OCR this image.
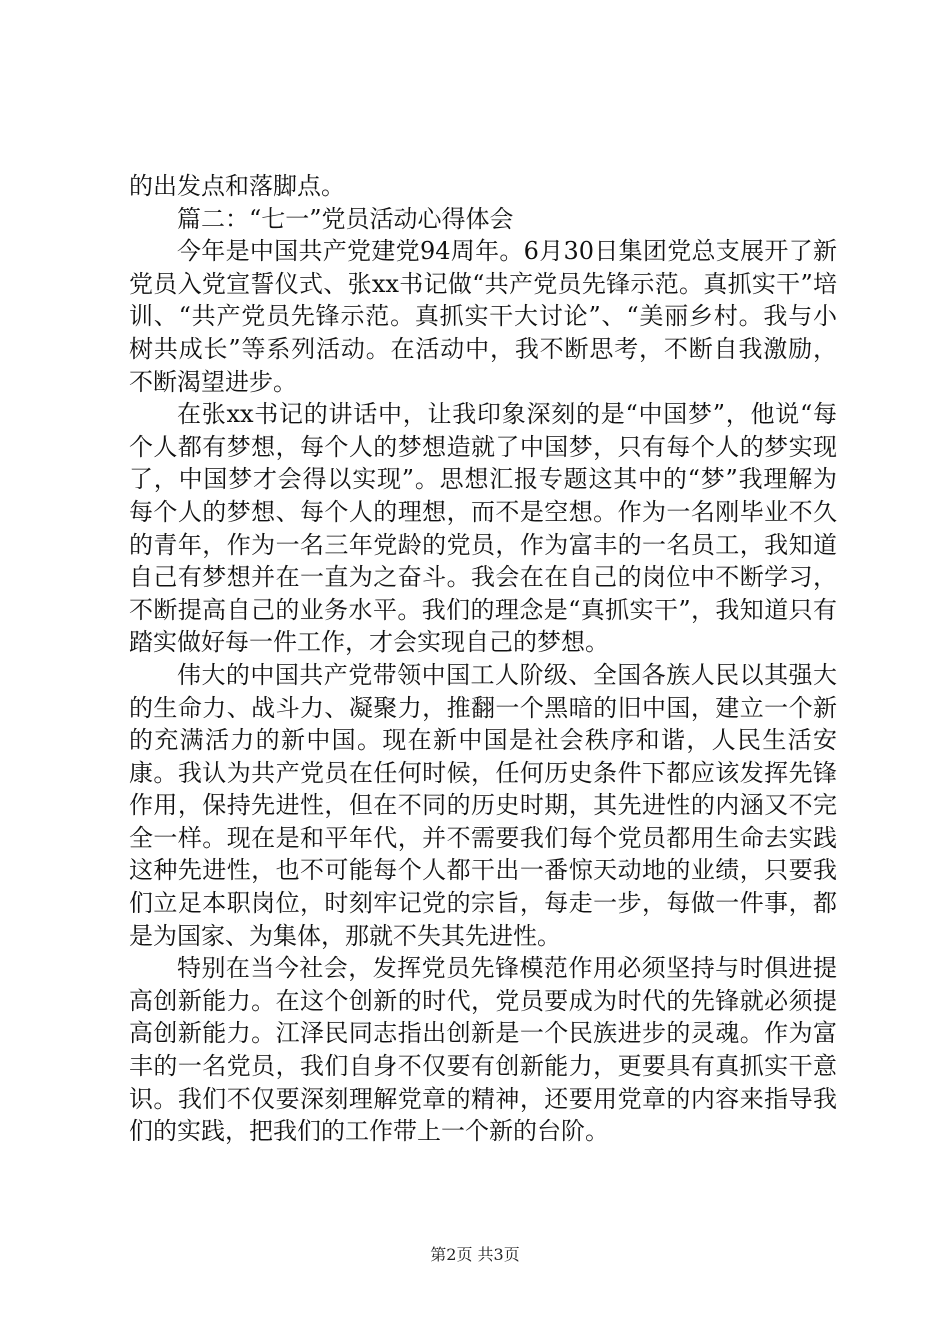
的出发点和落脚点。

篇二：“七一”党员活动心得体会

今年是中国共产党建党94周年。6月30日集团党总支展开了新党员入党宣誓仪式、张xx书记做“共产党员先锋示范。真抓实干”培训、“共产党员先锋示范。真抓实干大讨论”、“美丽乡村。我与小树共成长”等系列活动。在活动中，我不断思考，不断自我激励，不断渴望进步。

在张xx书记的讲话中，让我印象深刻的是“中国梦”，他说“每个人都有梦想，每个人的梦想造就了中国梦，只有每个人的梦实现了，中国梦才会得以实现”。思想汇报专题这其中的“梦”我理解为每个人的梦想、每个人的理想，而不是空想。作为一名刚毕业不久的青年，作为一名三年党龄的党员，作为富丰的一名员工，我知道自己有梦想并在一直为之奋斗。我会在在自己的岗位中不断学习，不断提高自己的业务水平。我们的理念是“真抓实干”，我知道只有踏实做好每一件工作，才会实现自己的梦想。

伟大的中国共产党带领中国工人阶级、全国各族人民以其强大的生命力、战斗力、凝聚力，推翻一个黑暗的旧中国，建立一个新的充满活力的新中国。现在新中国是社会秩序和谐，人民生活安康。我认为共产党员在任何时候，任何历史条件下都应该发挥先锋作用，保持先进性，但在不同的历史时期，其先进性的内涵又不完全一样。现在是和平年代，并不需要我们每个党员都用生命去实践这种先进性，也不可能每个人都干出一番惊天动地的业绩，只要我们立足本职岗位，时刻牢记党的宗旨，每走一步，每做一件事，都是为国家、为集体，那就不失其先进性。

特别在当今社会，发挥党员先锋模范作用必须坚持与时俱进提高创新能力。在这个创新的时代，党员要成为时代的先锋就必须提高创新能力。江泽民同志指出创新是一个民族进步的灵魂。作为富丰的一名党员，我们自身不仅要有创新能力，更要具有真抓实干意识。我们不仅要深刻理解党章的精神，还要用党章的内容来指导我们的实践，把我们的工作带上一个新的台阶。

第2页 共3页
